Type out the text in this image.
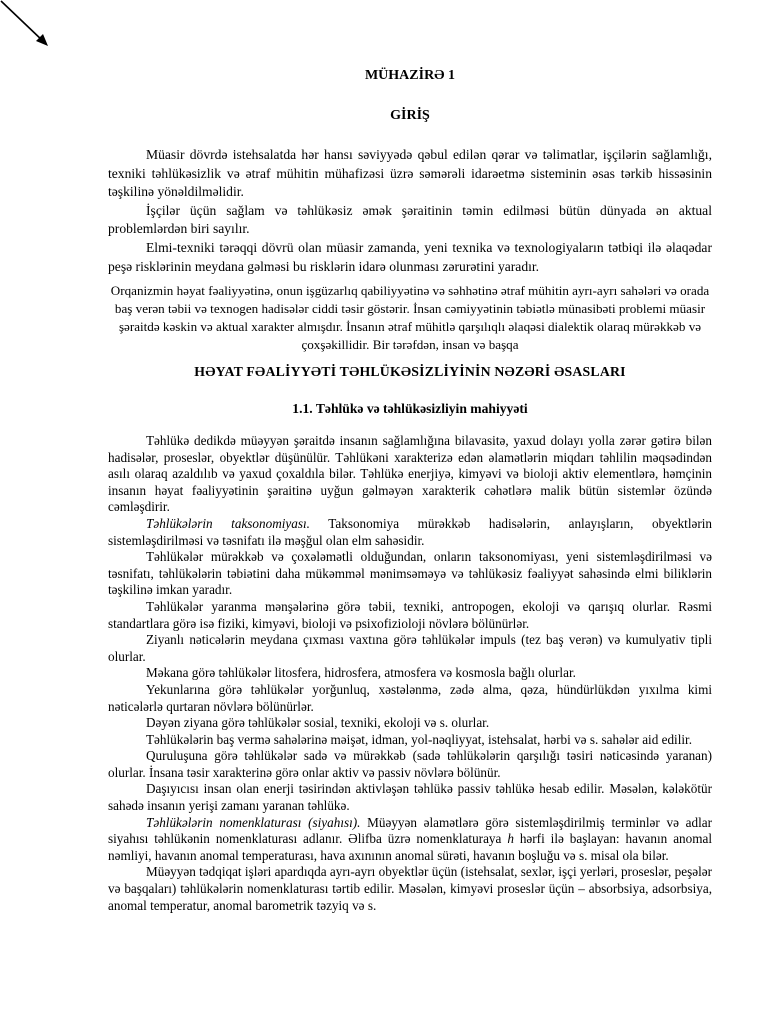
MÜHAZİRƏ 1
GİRİŞ

Müasir dövrdə istehsalatda hər hansı səviyyədə qəbul edilən qərar və təlimatlar, işçilərin sağlamlığı, texniki təhlükəsizlik və ətraf mühitin mühafizəsi üzrə səmərəli idarəetmə sisteminin əsas tərkib hissəsinin təşkilinə yönəldilməlidir.

İşçilər üçün sağlam və təhlükəsiz əmək şəraitinin təmin edilməsi bütün dünyada ən aktual problemlərdən biri sayılır.

Elmi-texniki tərəqqi dövrü olan müasir zamanda, yeni texnika və texnologiyaların tətbiqi ilə əlaqədar peşə risklərinin meydana gəlməsi bu risklərin idarə olunması zərurətini yaradır.

Orqanizmin həyat fəaliyyətinə, onun işgüzarlıq qabiliyyətinə və səhhətinə ətraf mühitin ayrı-ayrı sahələri və orada baş verən təbii və texnogen hadisələr ciddi təsir göstərir. İnsan cəmiyyətinin təbiətlə münasibəti problemi müasir şəraitdə kəskin və aktual xarakter almışdır. İnsanın ətraf mühitlə qarşılıqlı əlaqəsi dialektik olaraq mürəkkəb və çoxşəkillidir. Bir tərəfdən, insan və başqa
HƏYAT FƏALİYYƏTİ TƏHLÜKƏSİZLİYİNİN NƏZƏRİ ƏSASLARI
1.1. Təhlükə və təhlükəsizliyin mahiyyəti

Təhlükə dedikdə müəyyən şəraitdə insanın sağlamlığına bilavasitə, yaxud dolayı yolla zərər gətirə bilən hadisələr, proseslər, obyektlər düşünülür. Təhlükəni xarakterizə edən əlamətlərin miqdarı təhlilin məqsədindən asılı olaraq azaldılıb və yaxud çoxaldıla bilər. Təhlükə enerjiyə, kimyəvi və bioloji aktiv elementlərə, həmçinin insanın həyat fəaliyyətinin şəraitinə uyğun gəlməyən xarakterik cəhətlərə malik bütün sistemlər özündə cəmləşdirir.

Təhlükələrin taksonomiyası. Taksonomiya mürəkkəb hadisələrin, anlayışların, obyektlərin sistemləşdirilməsi və təsnifatı ilə məşğul olan elm sahəsidir.

Təhlükələr mürəkkəb və çoxələmətli olduğundan, onların taksonomiyası, yeni sistemləşdirilməsi və təsnifatı, təhlükələrin təbiətini daha mükəmməl mənimsəməyə və təhlükəsiz fəaliyyət sahəsində elmi biliklərin təşkilinə imkan yaradır.

Təhlükələr yaranma mənşələrinə görə təbii, texniki, antropogen, ekoloji və qarışıq olurlar. Rəsmi standartlara görə isə fiziki, kimyəvi, bioloji və psixofizioloji növlərə bölünürlər.

Ziyanlı nəticələrin meydana çıxması vaxtına görə təhlükələr impuls (tez baş verən) və kumulyativ tipli olurlar.

Məkana görə təhlükələr litosfera, hidrosfera, atmosfera və kosmosla bağlı olurlar.

Yekunlarına görə təhlükələr yorğunluq, xəstələnmə, zədə alma, qəza, hündürlükdən yıxılma kimi nəticələrlə qurtaran növlərə bölünürlər.

Dəyən ziyana görə təhlükələr sosial, texniki, ekoloji və s. olurlar.

Təhlükələrin baş vermə sahələrinə məişət, idman, yol-nəqliyyat, istehsalat, hərbi və s. sahələr aid edilir.

Quruluşuna görə təhlükələr sadə və mürəkkəb (sadə təhlükələrin qarşılığı təsiri nəticəsində yaranan) olurlar. İnsana təsir xarakterinə görə onlar aktiv və passiv növlərə bölünür.

Daşıyıcısı insan olan enerji təsirindən aktivləşən təhlükə passiv təhlükə hesab edilir. Məsələn, kələkötür sahədə insanın yerişi zamanı yaranan təhlükə.

Təhlükələrin nomenklaturası (siyahısı). Müəyyən əlamətlərə görə sistemləşdirilmiş terminlər və adlar siyahısı təhlükənin nomenklaturası adlanır. Əlifba üzrə nomenklaturaya h hərfi ilə başlayan: havanın anomal nəmliyi, havanın anomal temperaturası, hava axınının anomal sürəti, havanın boşluğu və s. misal ola bilər.

Müəyyən tədqiqat işləri apardıqda ayrı-ayrı obyektlər üçün (istehsalat, sexlər, işçi yerləri, proseslər, peşələr və başqaları) təhlükələrin nomenklaturası tərtib edilir. Məsələn, kimyəvi proseslər üçün – absorbsiya, adsorbsiya, anomal temperatur, anomal barometrik təzyiq və s.
